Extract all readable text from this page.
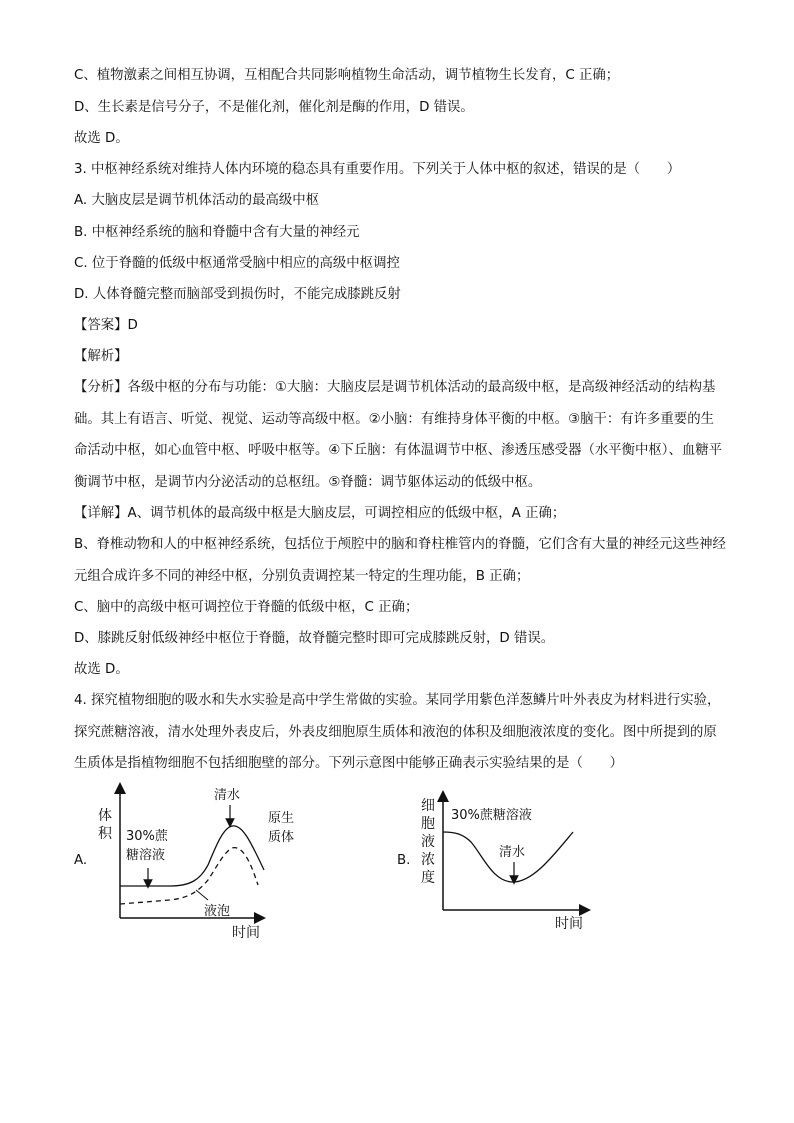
C、植物激素之间相互协调，互相配合共同影响植物生命活动，调节植物生长发育，C 正确；
D、生长素是信号分子，不是催化剂，催化剂是酶的作用，D 错误。
故选 D。
3. 中枢神经系统对维持人体内环境的稳态具有重要作用。下列关于人体中枢的叙述，错误的是（　　）
A. 大脑皮层是调节机体活动的最高级中枢
B. 中枢神经系统的脑和脊髓中含有大量的神经元
C. 位于脊髓的低级中枢通常受脑中相应的高级中枢调控
D. 人体脊髓完整而脑部受到损伤时，不能完成膝跳反射
【答案】D
【解析】
【分析】各级中枢的分布与功能：①大脑：大脑皮层是调节机体活动的最高级中枢，是高级神经活动的结构基础。其上有语言、听觉、视觉、运动等高级中枢。②小脑：有维持身体平衡的中枢。③脑干：有许多重要的生命活动中枢，如心血管中枢、呼吸中枢等。④下丘脑：有体温调节中枢、渗透压感受器（水平衡中枢）、血糖平衡调节中枢，是调节内分泌活动的总枢纽。⑤脊髓：调节躯体运动的低级中枢。
【详解】A、调节机体的最高级中枢是大脑皮层，可调控相应的低级中枢，A 正确；
B、脊椎动物和人的中枢神经系统，包括位于颅腔中的脑和脊柱椎管内的脊髓，它们含有大量的神经元这些神经元组合成许多不同的神经中枢，分别负责调控某一特定的生理功能，B 正确；
C、脑中的高级中枢可调控位于脊髓的低级中枢，C 正确；
D、膝跳反射低级神经中枢位于脊髓，故脊髓完整时即可完成膝跳反射，D 错误。
故选 D。
4. 探究植物细胞的吸水和失水实验是高中学生常做的实验。某同学用紫色洋葱鳞片叶外表皮为材料进行实验，探究蔗糖溶液，清水处理外表皮后，外表皮细胞原生质体和液泡的体积及细胞液浓度的变化。图中所提到的原生质体是指植物细胞不包括细胞壁的部分。下列示意图中能够正确表示实验结果的是（　　）
A.	B.
体
积
时间
30%蔗
糖溶液
清水
原生
质体
液泡
细
胞
液
浓
度
时间
30%蔗糖溶液
清水
